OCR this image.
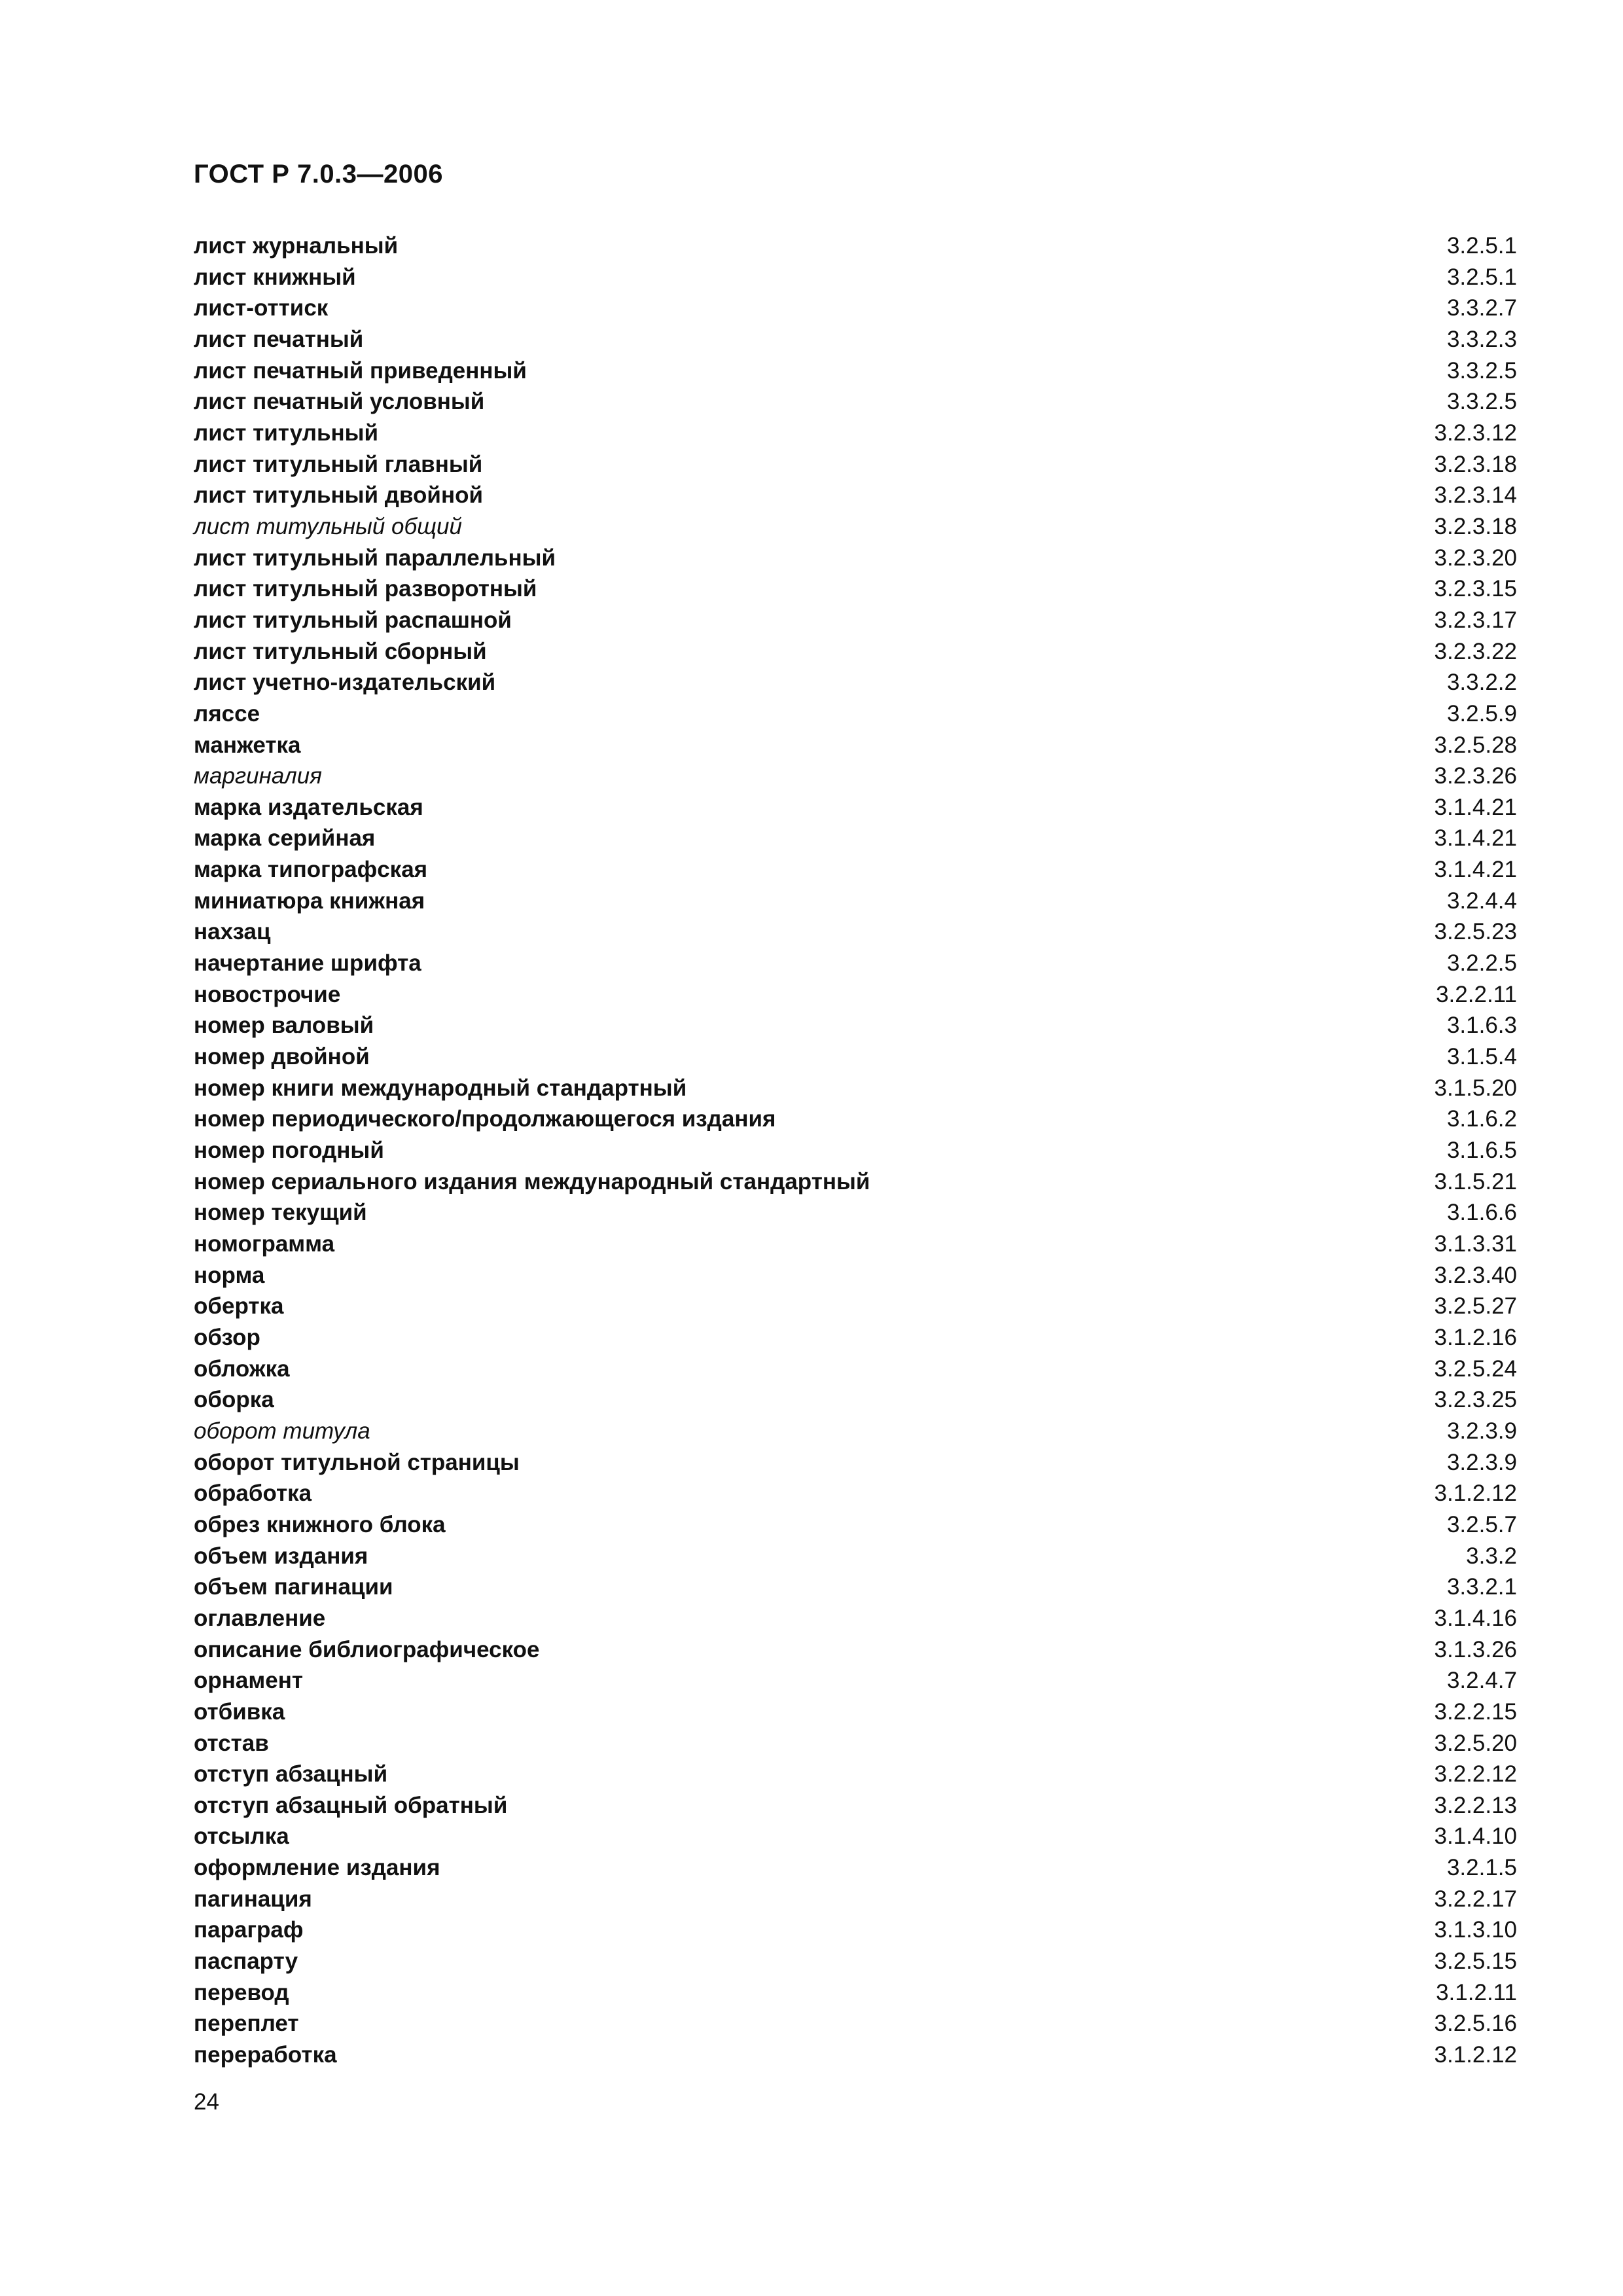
ГОСТ Р 7.0.3—2006
лист журнальный	3.2.5.1
лист книжный	3.2.5.1
лист-оттиск	3.3.2.7
лист печатный	3.3.2.3
лист печатный приведенный	3.3.2.5
лист печатный условный	3.3.2.5
лист титульный	3.2.3.12
лист титульный главный	3.2.3.18
лист титульный двойной	3.2.3.14
лист титульный общий	3.2.3.18
лист титульный параллельный	3.2.3.20
лист титульный разворотный	3.2.3.15
лист титульный распашной	3.2.3.17
лист титульный сборный	3.2.3.22
лист учетно-издательский	3.3.2.2
ляссе	3.2.5.9
манжетка	3.2.5.28
маргиналия	3.2.3.26
марка издательская	3.1.4.21
марка серийная	3.1.4.21
марка типографская	3.1.4.21
миниатюра книжная	3.2.4.4
нахзац	3.2.5.23
начертание шрифта	3.2.2.5
новострочие	3.2.2.11
номер валовый	3.1.6.3
номер двойной	3.1.5.4
номер книги международный стандартный	3.1.5.20
номер периодического/продолжающегося издания	3.1.6.2
номер погодный	3.1.6.5
номер сериального издания международный стандартный	3.1.5.21
номер текущий	3.1.6.6
номограмма	3.1.3.31
норма	3.2.3.40
обертка	3.2.5.27
обзор	3.1.2.16
обложка	3.2.5.24
оборка	3.2.3.25
оборот титула	3.2.3.9
оборот титульной страницы	3.2.3.9
обработка	3.1.2.12
обрез книжного блока	3.2.5.7
объем издания	3.3.2
объем пагинации	3.3.2.1
оглавление	3.1.4.16
описание библиографическое	3.1.3.26
орнамент	3.2.4.7
отбивка	3.2.2.15
отстав	3.2.5.20
отступ абзацный	3.2.2.12
отступ абзацный обратный	3.2.2.13
отсылка	3.1.4.10
оформление издания	3.2.1.5
пагинация	3.2.2.17
параграф	3.1.3.10
паспарту	3.2.5.15
перевод	3.1.2.11
переплет	3.2.5.16
переработка	3.1.2.12
24
